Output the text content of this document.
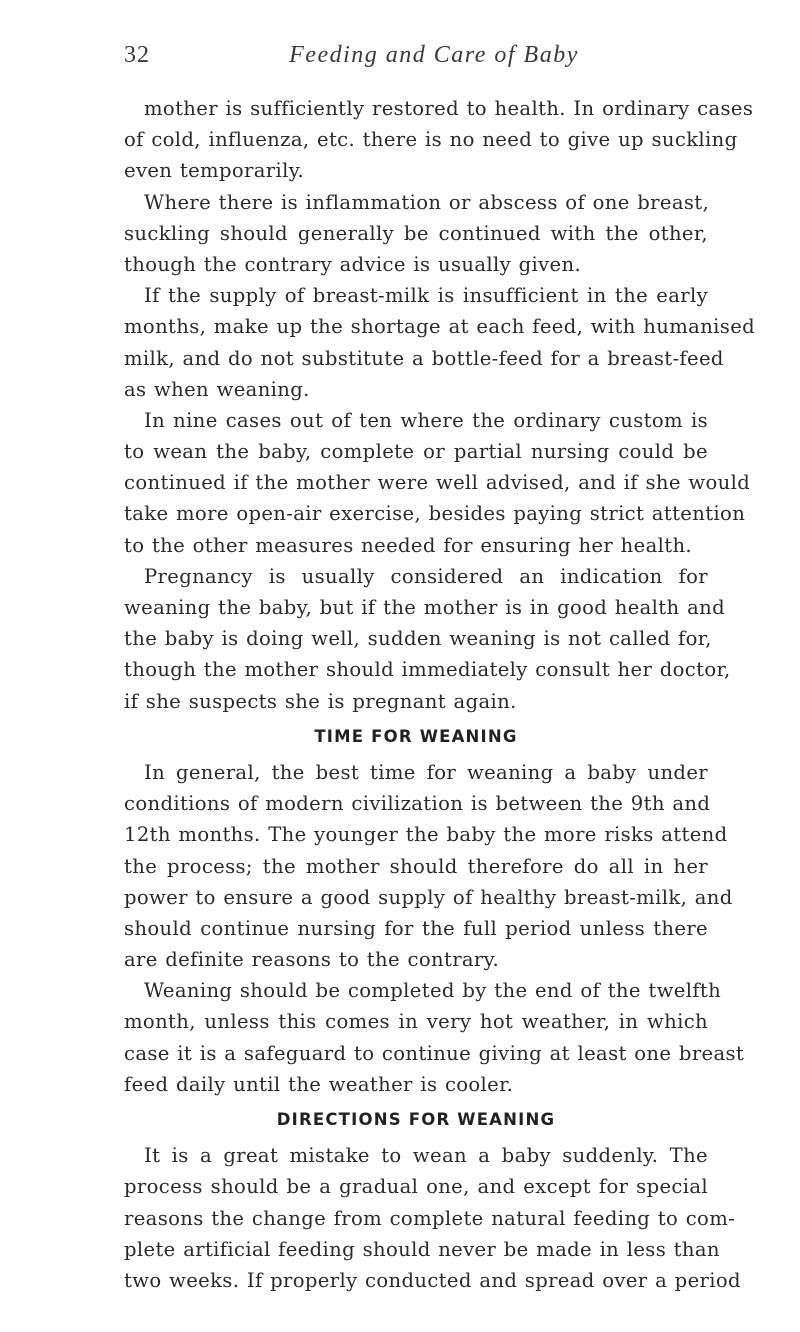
32	Feeding and Care of Baby
mother is sufficiently restored to health. In ordinary cases
of cold, influenza, etc. there is no need to give up suckling
even temporarily.
Where there is inflammation or abscess of one breast,
suckling should generally be continued with the other,
though the contrary advice is usually given.
If the supply of breast-milk is insufficient in the early
months, make up the shortage at each feed, with humanised
milk, and do not substitute a bottle-feed for a breast-feed
as when weaning.
In nine cases out of ten where the ordinary custom is
to wean the baby, complete or partial nursing could be
continued if the mother were well advised, and if she would
take more open-air exercise, besides paying strict attention
to the other measures needed for ensuring her health.
Pregnancy is usually considered an indication for
weaning the baby, but if the mother is in good health and
the baby is doing well, sudden weaning is not called for,
though the mother should immediately consult her doctor,
if she suspects she is pregnant again.
TIME FOR WEANING
In general, the best time for weaning a baby under
conditions of modern civilization is between the 9th and
12th months. The younger the baby the more risks attend
the process; the mother should therefore do all in her
power to ensure a good supply of healthy breast-milk, and
should continue nursing for the full period unless there
are definite reasons to the contrary.
Weaning should be completed by the end of the twelfth
month, unless this comes in very hot weather, in which
case it is a safeguard to continue giving at least one breast
feed daily until the weather is cooler.
DIRECTIONS FOR WEANING
It is a great mistake to wean a baby suddenly. The
process should be a gradual one, and except for special
reasons the change from complete natural feeding to com-
plete artificial feeding should never be made in less than
two weeks. If properly conducted and spread over a period
